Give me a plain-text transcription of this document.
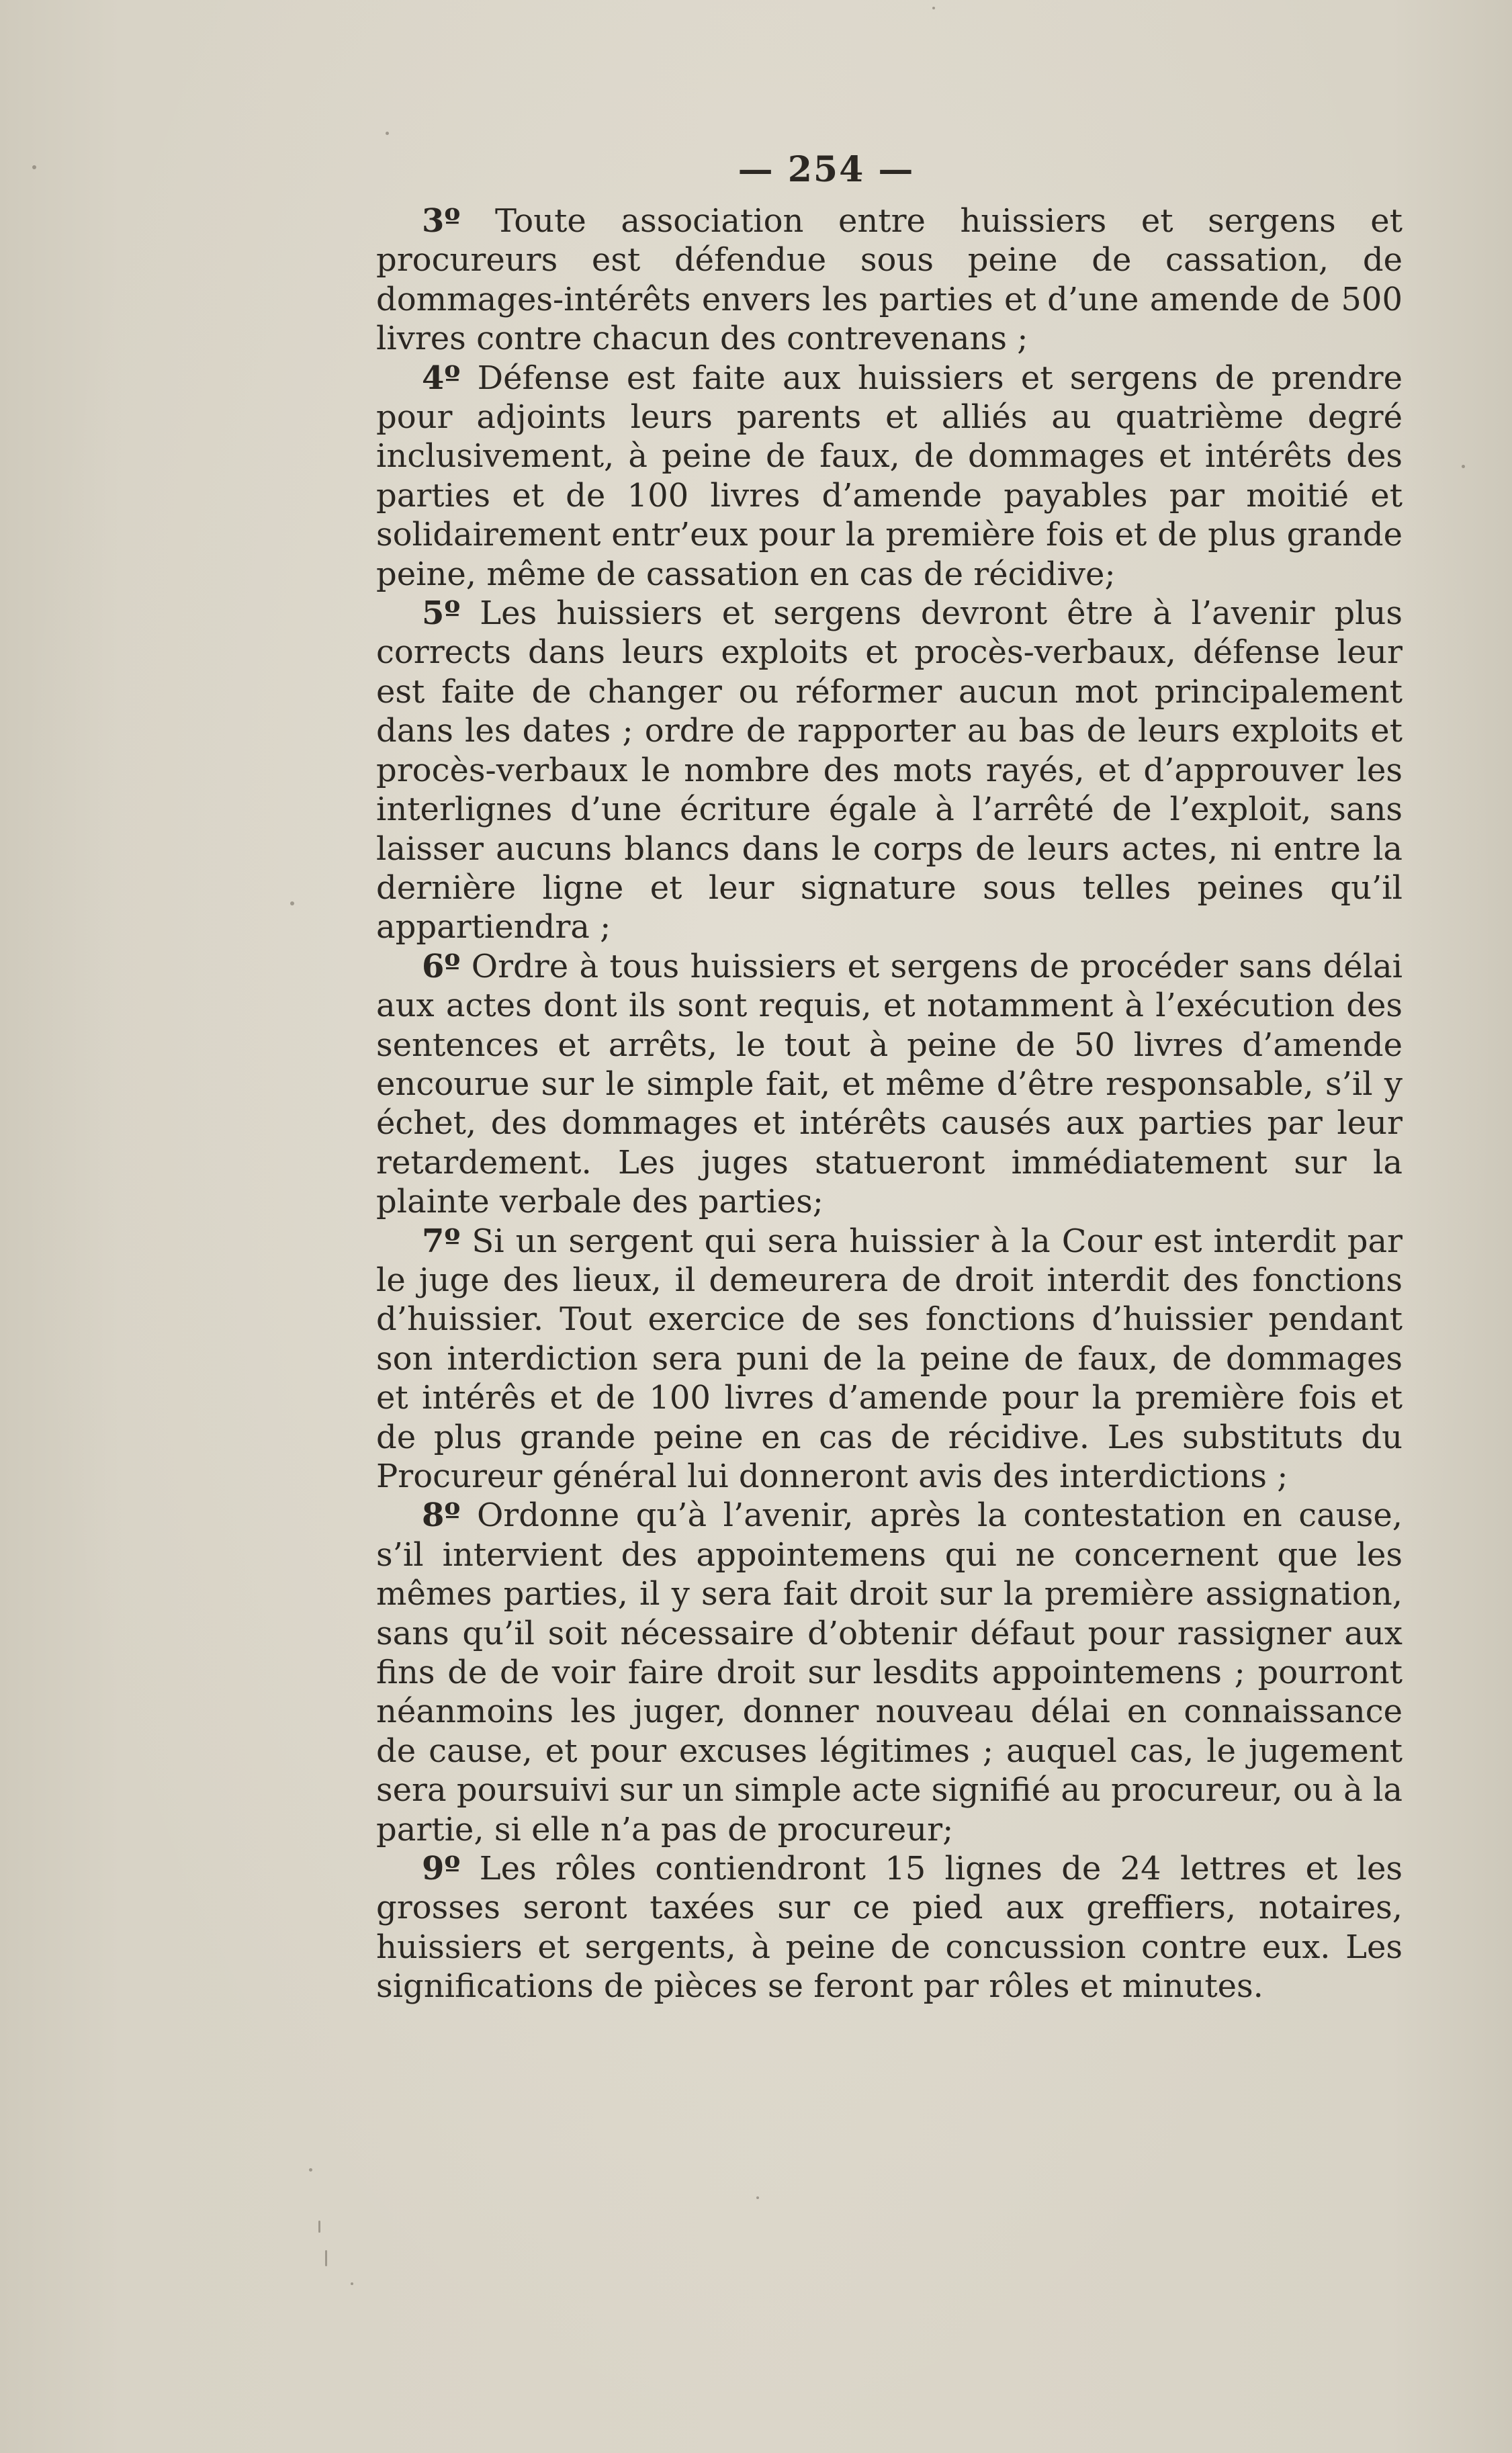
— 254 —

3º Toute association entre huissiers et sergens et procureurs est défendue sous peine de cassation, de dommages-intérêts envers les parties et d’une amende de 500 livres contre chacun des contrevenans ;

4º Défense est faite aux huissiers et sergens de prendre pour adjoints leurs parents et alliés au quatrième degré inclusivement, à peine de faux, de dommages et intérêts des parties et de 100 livres d’amende payables par moitié et solidairement entr’eux pour la première fois et de plus grande peine, même de cassation en cas de récidive;

5º Les huissiers et sergens devront être à l’avenir plus corrects dans leurs exploits et procès-verbaux, défense leur est faite de changer ou réformer aucun mot principalement dans les dates ; ordre de rapporter au bas de leurs exploits et procès-verbaux le nombre des mots rayés, et d’approuver les interlignes d’une écriture égale à l’arrêté de l’exploit, sans laisser aucuns blancs dans le corps de leurs actes, ni entre la dernière ligne et leur signature sous telles peines qu’il appartiendra ;

6º Ordre à tous huissiers et sergens de procéder sans délai aux actes dont ils sont requis, et notamment à l’exécution des sentences et arrêts, le tout à peine de 50 livres d’amende encourue sur le simple fait, et même d’être responsable, s’il y échet, des dommages et intérêts causés aux parties par leur retardement. Les juges statueront immédiatement sur la plainte verbale des parties;

7º Si un sergent qui sera huissier à la Cour est interdit par le juge des lieux, il demeurera de droit interdit des fonctions d’huissier. Tout exercice de ses fonctions d’huissier pendant son interdiction sera puni de la peine de faux, de dommages et intérês et de 100 livres d’amende pour la première fois et de plus grande peine en cas de récidive. Les substituts du Procureur général lui donneront avis des interdictions ;

8º Ordonne qu’à l’avenir, après la contestation en cause, s’il intervient des appointemens qui ne concernent que les mêmes parties, il y sera fait droit sur la première assignation, sans qu’il soit nécessaire d’obtenir défaut pour rassigner aux fins de de voir faire droit sur lesdits appointemens ; pourront néanmoins les juger, donner nouveau délai en connaissance de cause, et pour excuses légitimes ; auquel cas, le jugement sera poursuivi sur un simple acte signifié au procureur, ou à la partie, si elle n’a pas de procureur;

9º Les rôles contiendront 15 lignes de 24 lettres et les grosses seront taxées sur ce pied aux greffiers, notaires, huissiers et sergents, à peine de concussion contre eux. Les significations de pièces se feront par rôles et minutes.
